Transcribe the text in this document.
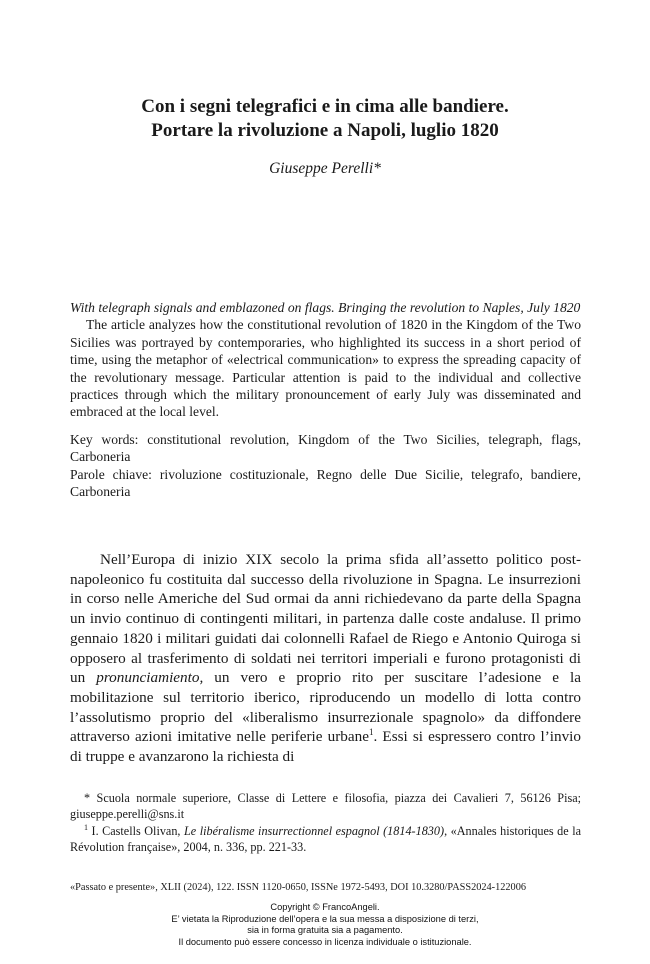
Con i segni telegrafici e in cima alle bandiere.
Portare la rivoluzione a Napoli, luglio 1820
Giuseppe Perelli*
With telegraph signals and emblazoned on flags. Bringing the revolution to Naples, July 1820

The article analyzes how the constitutional revolution of 1820 in the Kingdom of the Two Sicilies was portrayed by contemporaries, who highlighted its success in a short period of time, using the metaphor of «electrical communication» to express the spreading capacity of the revolutionary message. Particular attention is paid to the individual and collective practices through which the military pronouncement of early July was disseminated and embraced at the local level.

Key words: constitutional revolution, Kingdom of the Two Sicilies, telegraph, flags, Carboneria

Parole chiave: rivoluzione costituzionale, Regno delle Due Sicilie, telegrafo, bandiere, Carboneria

Nell’Europa di inizio XIX secolo la prima sfida all’assetto politico post-napoleonico fu costituita dal successo della rivoluzione in Spagna. Le insurrezioni in corso nelle Americhe del Sud ormai da anni richiedevano da parte della Spagna un invio continuo di contingenti militari, in partenza dalle coste andaluse. Il primo gennaio 1820 i militari guidati dai colonnelli Rafael de Riego e Antonio Quiroga si opposero al trasferimento di soldati nei territori imperiali e furono protagonisti di un pronunciamiento, un vero e proprio rito per suscitare l’adesione e la mobilitazione sul territorio iberico, riproducendo un modello di lotta contro l’assolutismo proprio del «liberalismo insurrezionale spagnolo» da diffondere attraverso azioni imitative nelle periferie urbane$^1$. Essi si espressero contro l’invio di truppe e avanzarono la richiesta di

* Scuola normale superiore, Classe di Lettere e filosofia, piazza dei Cavalieri 7, 56126 Pisa; giuseppe.perelli@sns.it

$^1$ I. Castells Olivan, Le libéralisme insurrectionnel espagnol (1814-1830), «Annales historiques de la Révolution française», 2004, n. 336, pp. 221-33.

«Passato e presente», XLII (2024), 122. ISSN 1120-0650, ISSNe 1972-5493, DOI 10.3280/PASS2024-122006
Copyright © FrancoAngeli.
E’ vietata la Riproduzione dell’opera e la sua messa a disposizione di terzi,
sia in forma gratuita sia a pagamento.
Il documento può essere concesso in licenza individuale o istituzionale.
